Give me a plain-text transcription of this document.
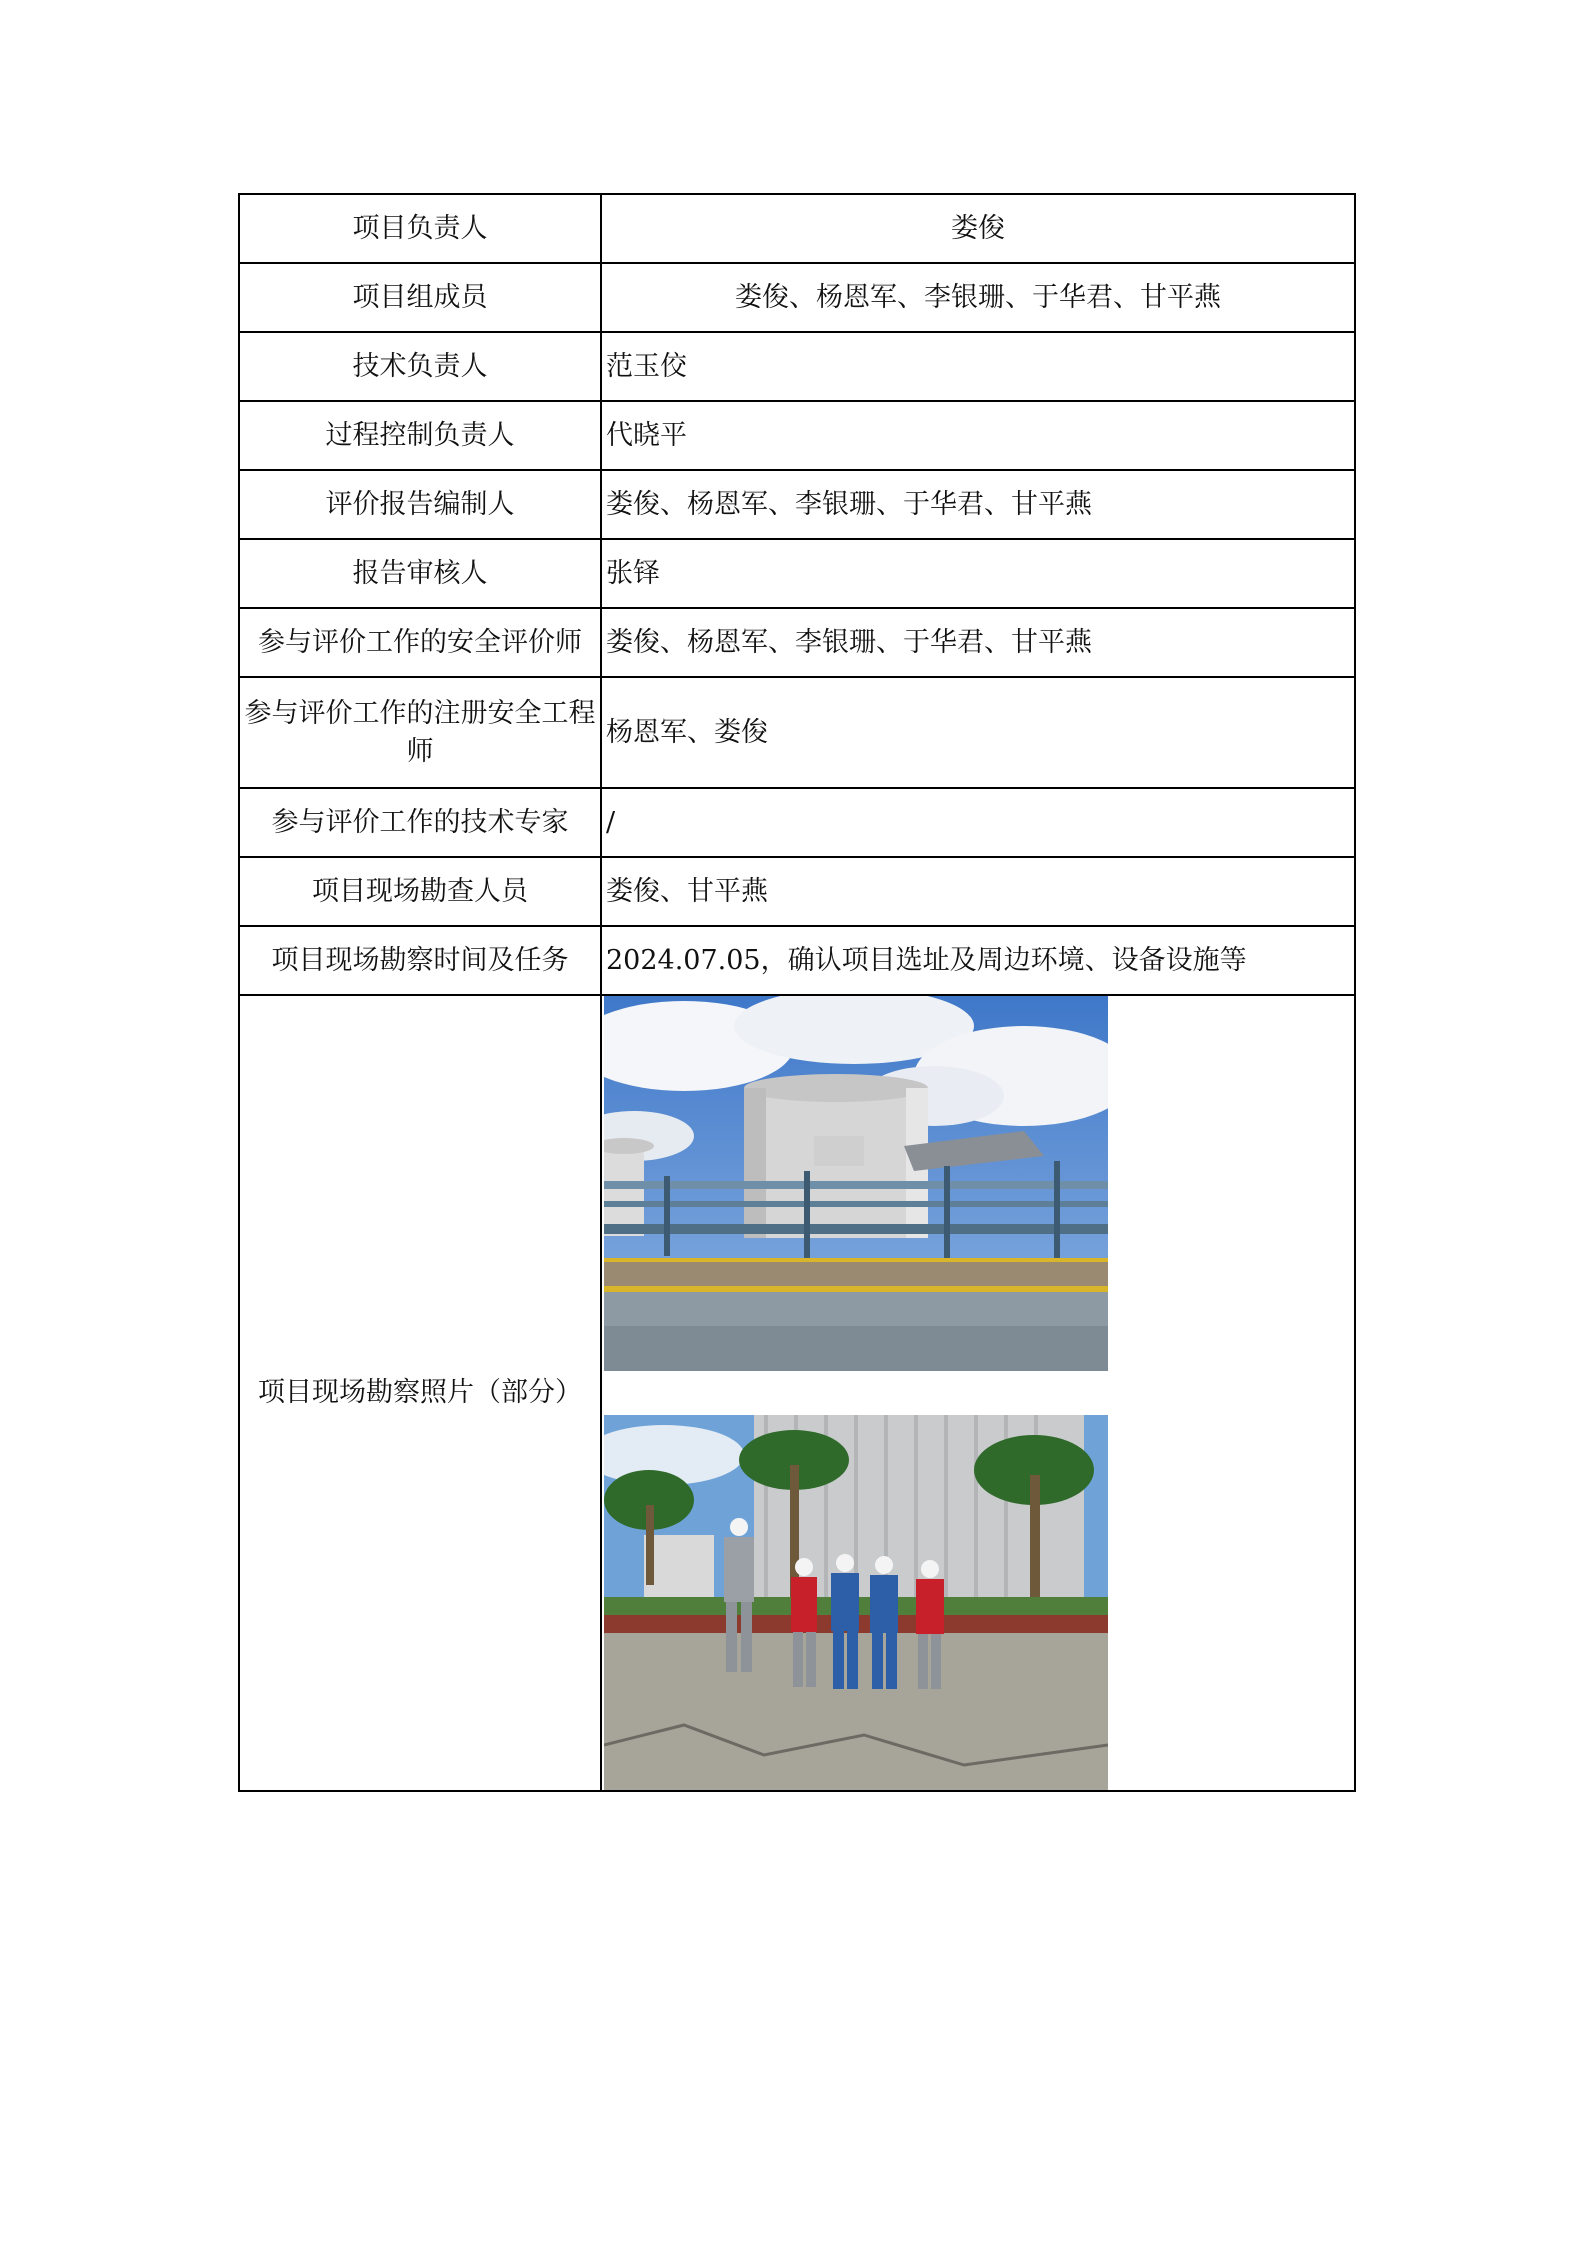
项目负责人	娄俊
项目组成员	娄俊、杨恩军、李银珊、于华君、甘平燕
技术负责人	范玉佼
过程控制负责人	代晓平
评价报告编制人	娄俊、杨恩军、李银珊、于华君、甘平燕
报告审核人	张铎
参与评价工作的安全评价师	娄俊、杨恩军、李银珊、于华君、甘平燕
参与评价工作的注册安全工程师	杨恩军、娄俊
参与评价工作的技术专家	/
项目现场勘查人员	娄俊、甘平燕
项目现场勘察时间及任务	2024.07.05，确认项目选址及周边环境、设备设施等
项目现场勘察照片（部分）	
